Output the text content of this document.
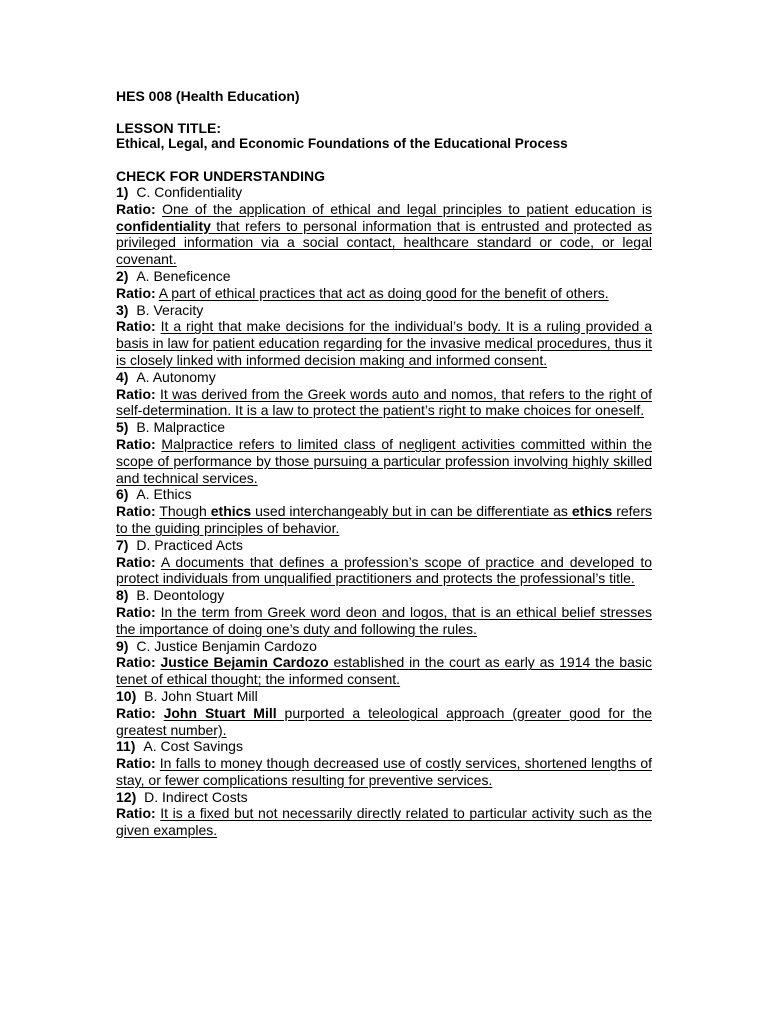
HES 008 (Health Education)
LESSON TITLE:
Ethical, Legal, and Economic Foundations of the Educational Process
CHECK FOR UNDERSTANDING
1) C. Confidentiality
Ratio: One of the application of ethical and legal principles to patient education is confidentiality that refers to personal information that is entrusted and protected as privileged information via a social contact, healthcare standard or code, or legal covenant.
2) A. Beneficence
Ratio: A part of ethical practices that act as doing good for the benefit of others.
3) B. Veracity
Ratio: It a right that make decisions for the individual’s body. It is a ruling provided a basis in law for patient education regarding for the invasive medical procedures, thus it is closely linked with informed decision making and informed consent.
4) A. Autonomy
Ratio: It was derived from the Greek words auto and nomos, that refers to the right of self-determination. It is a law to protect the patient’s right to make choices for oneself.
5) B. Malpractice
Ratio: Malpractice refers to limited class of negligent activities committed within the scope of performance by those pursuing a particular profession involving highly skilled and technical services.
6) A. Ethics
Ratio: Though ethics used interchangeably but in can be differentiate as ethics refers to the guiding principles of behavior.
7) D. Practiced Acts
Ratio: A documents that defines a profession’s scope of practice and developed to protect individuals from unqualified practitioners and protects the professional’s title.
8) B. Deontology
Ratio: In the term from Greek word deon and logos, that is an ethical belief stresses the importance of doing one’s duty and following the rules.
9) C. Justice Benjamin Cardozo
Ratio: Justice Bejamin Cardozo established in the court as early as 1914 the basic tenet of ethical thought; the informed consent.
10) B. John Stuart Mill
Ratio: John Stuart Mill purported a teleological approach (greater good for the greatest number).
11) A. Cost Savings
Ratio: In falls to money though decreased use of costly services, shortened lengths of stay, or fewer complications resulting for preventive services.
12) D. Indirect Costs
Ratio: It is a fixed but not necessarily directly related to particular activity such as the given examples.
